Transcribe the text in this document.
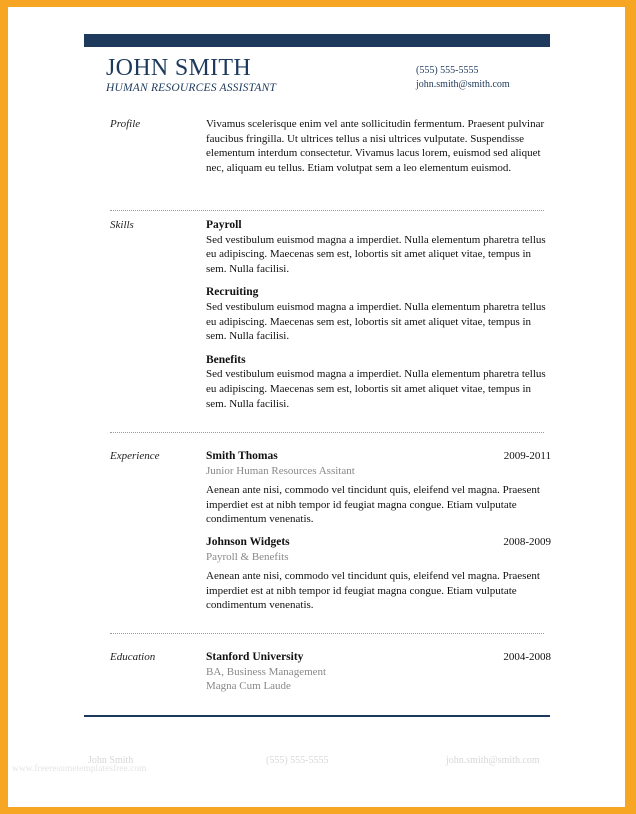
JOHN SMITH
HUMAN RESOURCES ASSISTANT
(555) 555-5555
john.smith@smith.com
Profile	Vivamus scelerisque enim vel ante sollicitudin fermentum. Praesent pulvinar faucibus fringilla. Ut ultrices tellus a nisi ultrices vulputate. Suspendisse elementum interdum consectetur. Vivamus lacus lorem, euismod sed aliquet nec, aliquam eu tellus. Etiam volutpat sem a leo elementum euismod.
Skills	Payroll
Sed vestibulum euismod magna a imperdiet. Nulla elementum pharetra tellus eu adipiscing. Maecenas sem est, lobortis sit amet aliquet vitae, tempus in sem. Nulla facilisi.
Recruiting
Sed vestibulum euismod magna a imperdiet. Nulla elementum pharetra tellus eu adipiscing. Maecenas sem est, lobortis sit amet aliquet vitae, tempus in sem. Nulla facilisi.
Benefits
Sed vestibulum euismod magna a imperdiet. Nulla elementum pharetra tellus eu adipiscing. Maecenas sem est, lobortis sit amet aliquet vitae, tempus in sem. Nulla facilisi.
Experience	Smith Thomas	2009-2011
Junior Human Resources Assitant

Aenean ante nisi, commodo vel tincidunt quis, eleifend vel magna. Praesent imperdiet est at nibh tempor id feugiat magna congue. Etiam vulputate condimentum venenatis.

Johnson Widgets	2008-2009
Payroll & Benefits

Aenean ante nisi, commodo vel tincidunt quis, eleifend vel magna. Praesent imperdiet est at nibh tempor id feugiat magna congue. Etiam vulputate condimentum venenatis.

Education	Stanford University	2004-2008
BA, Business Management
Magna Cum Laude
John Smith	(555) 555-5555	john.smith@smith.com
www.freeresumetemplatesfree.com
